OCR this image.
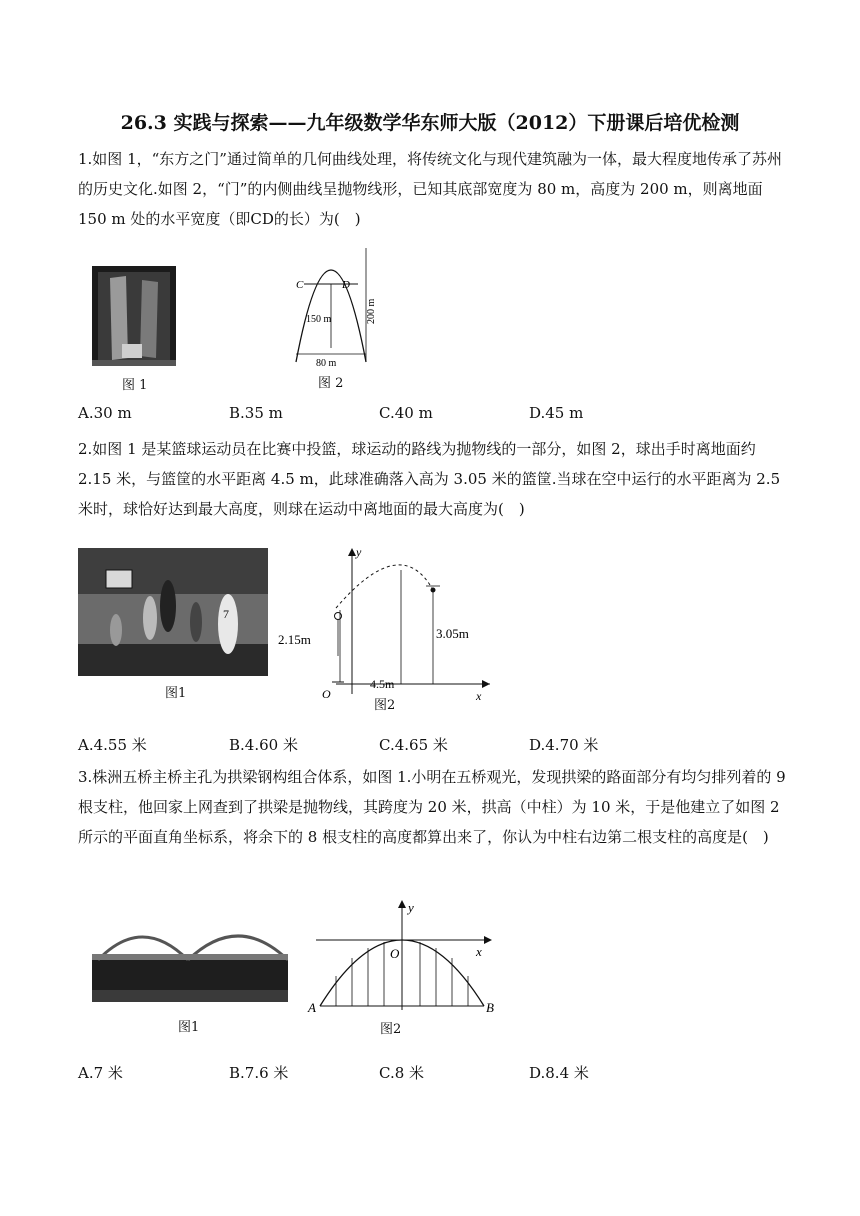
26.3 实践与探索——九年级数学华东师大版（2012）下册课后培优检测
1.如图 1，“东方之门”通过简单的几何曲线处理，将传统文化与现代建筑融为一体，最大程度地传承了苏州的历史文化.如图 2，“门”的内侧曲线呈抛物线形，已知其底部宽度为 80 m，高度为 200 m，则离地面 150 m 处的水平宽度（即CD的长）为(　)
图 1
C	D
150 m
80 m
200 m
图 2
A.30 m	B.35 m	C.40 m	D.45 m
2.如图 1 是某篮球运动员在比赛中投篮，球运动的路线为抛物线的一部分，如图 2，球出手时离地面约 2.15 米，与篮筐的水平距离 4.5 m，此球准确落入高为 3.05 米的篮筐.当球在空中运行的水平距离为 2.5 米时，球恰好达到最大高度，则球在运动中离地面的最大高度为(　)
7
图1
y
x
O
2.15m	3.05m
4.5m
图2
A.4.55 米	B.4.60 米	C.4.65 米	D.4.70 米
3.株洲五桥主桥主孔为拱梁钢构组合体系，如图 1.小明在五桥观光，发现拱梁的路面部分有均匀排列着的 9 根支柱，他回家上网查到了拱梁是抛物线，其跨度为 20 米，拱高（中柱）为 10 米，于是他建立了如图 2 所示的平面直角坐标系，将余下的 8 根支柱的高度都算出来了，你认为中柱右边第二根支柱的高度是(　)
图1
y
x
O
A	B
图2
A.7 米	B.7.6 米	C.8 米	D.8.4 米
